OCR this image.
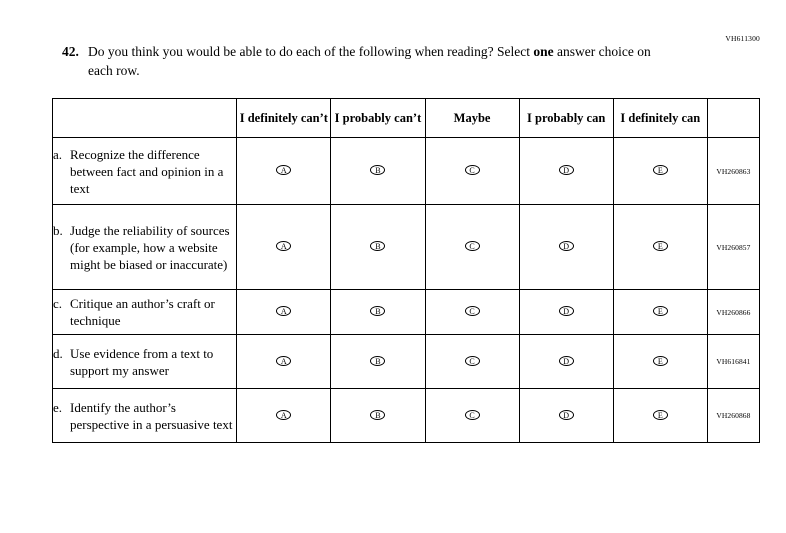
VH611300
42. Do you think you would be able to do each of the following when reading? Select one answer choice on each row.
	I definitely can’t	I probably can’t	Maybe	I probably can	I definitely can	

a. Recognize the difference between fact and opinion in a text	A	B	C	D	E	VH260863

b. Judge the reliability of sources (for example, how a website might be biased or inaccurate)	A	B	C	D	E	VH260857

c. Critique an author’s craft or technique	A	B	C	D	E	VH260866

d. Use evidence from a text to support my answer	A	B	C	D	E	VH616841

e. Identify the author’s perspective in a persuasive text	A	B	C	D	E	VH260868
